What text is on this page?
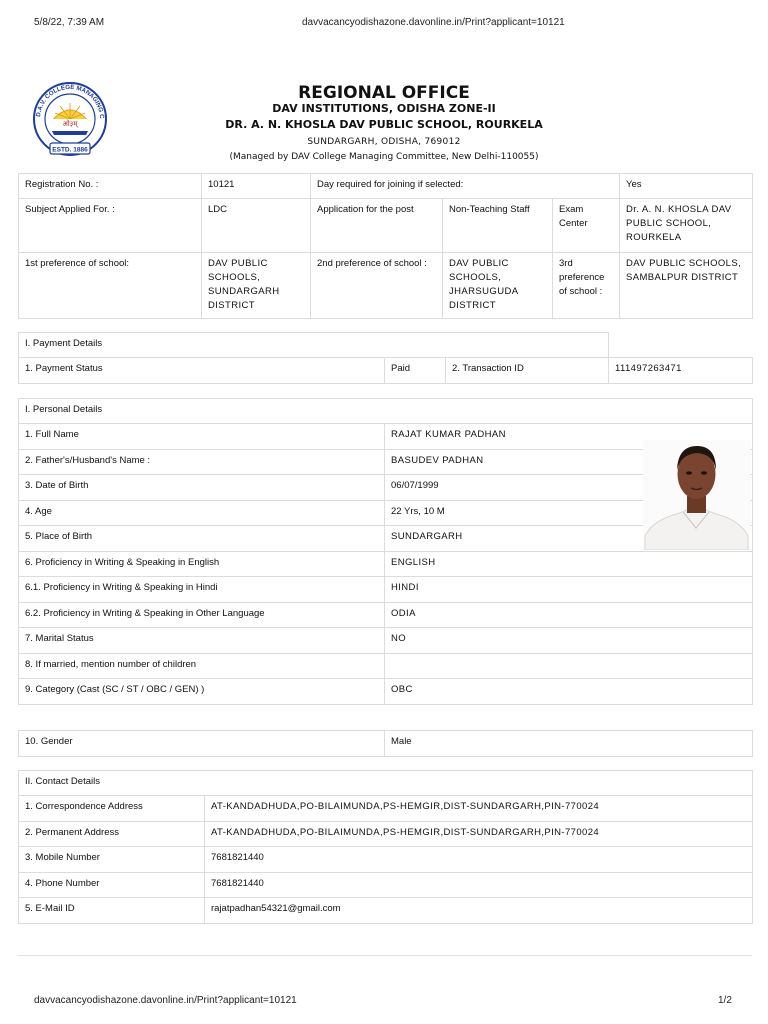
5/8/22, 7:39 AM	davvacancyodishazone.davonline.in/Print?applicant=10121
D.A.V. COLLEGE MANAGING C
ओ३म्
ESTD. 1886
REGIONAL OFFICE
DAV INSTITUTIONS, ODISHA ZONE-II
DR. A. N. KHOSLA DAV PUBLIC SCHOOL, ROURKELA
SUNDARGARH, ODISHA, 769012
(Managed by DAV College Managing Committee, New Delhi-110055)
Registration No. :	10121	Day required for joining if selected:			Yes
Subject Applied For. :	LDC	Application for the post	Non-Teaching Staff	Exam Center	Dr. A. N. KHOSLA DAV PUBLIC SCHOOL, ROURKELA
1st preference of school:	DAV PUBLIC SCHOOLS, SUNDARGARH DISTRICT	2nd preference of school :	DAV PUBLIC SCHOOLS, JHARSUGUDA DISTRICT	3rd preference of school :	DAV PUBLIC SCHOOLS, SAMBALPUR DISTRICT
I. Payment Details			
1. Payment Status	Paid	2. Transaction ID	111497263471
I. Personal Details	
1. Full Name	RAJAT KUMAR PADHAN
2. Father's/Husband's Name :	BASUDEV PADHAN
3. Date of Birth	06/07/1999
4. Age	22 Yrs, 10 M
5. Place of Birth	SUNDARGARH
6. Proficiency in Writing & Speaking in English	ENGLISH
6.1. Proficiency in Writing & Speaking in Hindi	HINDI
6.2. Proficiency in Writing & Speaking in Other Language	ODIA
7. Marital Status	NO
8. If married, mention number of children	
9. Category (Cast (SC / ST / OBC / GEN) )	OBC
10. Gender	Male
II. Contact Details	
1. Correspondence Address	AT-KANDADHUDA,PO-BILAIMUNDA,PS-HEMGIR,DIST-SUNDARGARH,PIN-770024
2. Permanent Address	AT-KANDADHUDA,PO-BILAIMUNDA,PS-HEMGIR,DIST-SUNDARGARH,PIN-770024
3. Mobile Number	7681821440
4. Phone Number	7681821440
5. E-Mail ID	rajatpadhan54321@gmail.com
davvacancyodishazone.davonline.in/Print?applicant=10121	1/2
